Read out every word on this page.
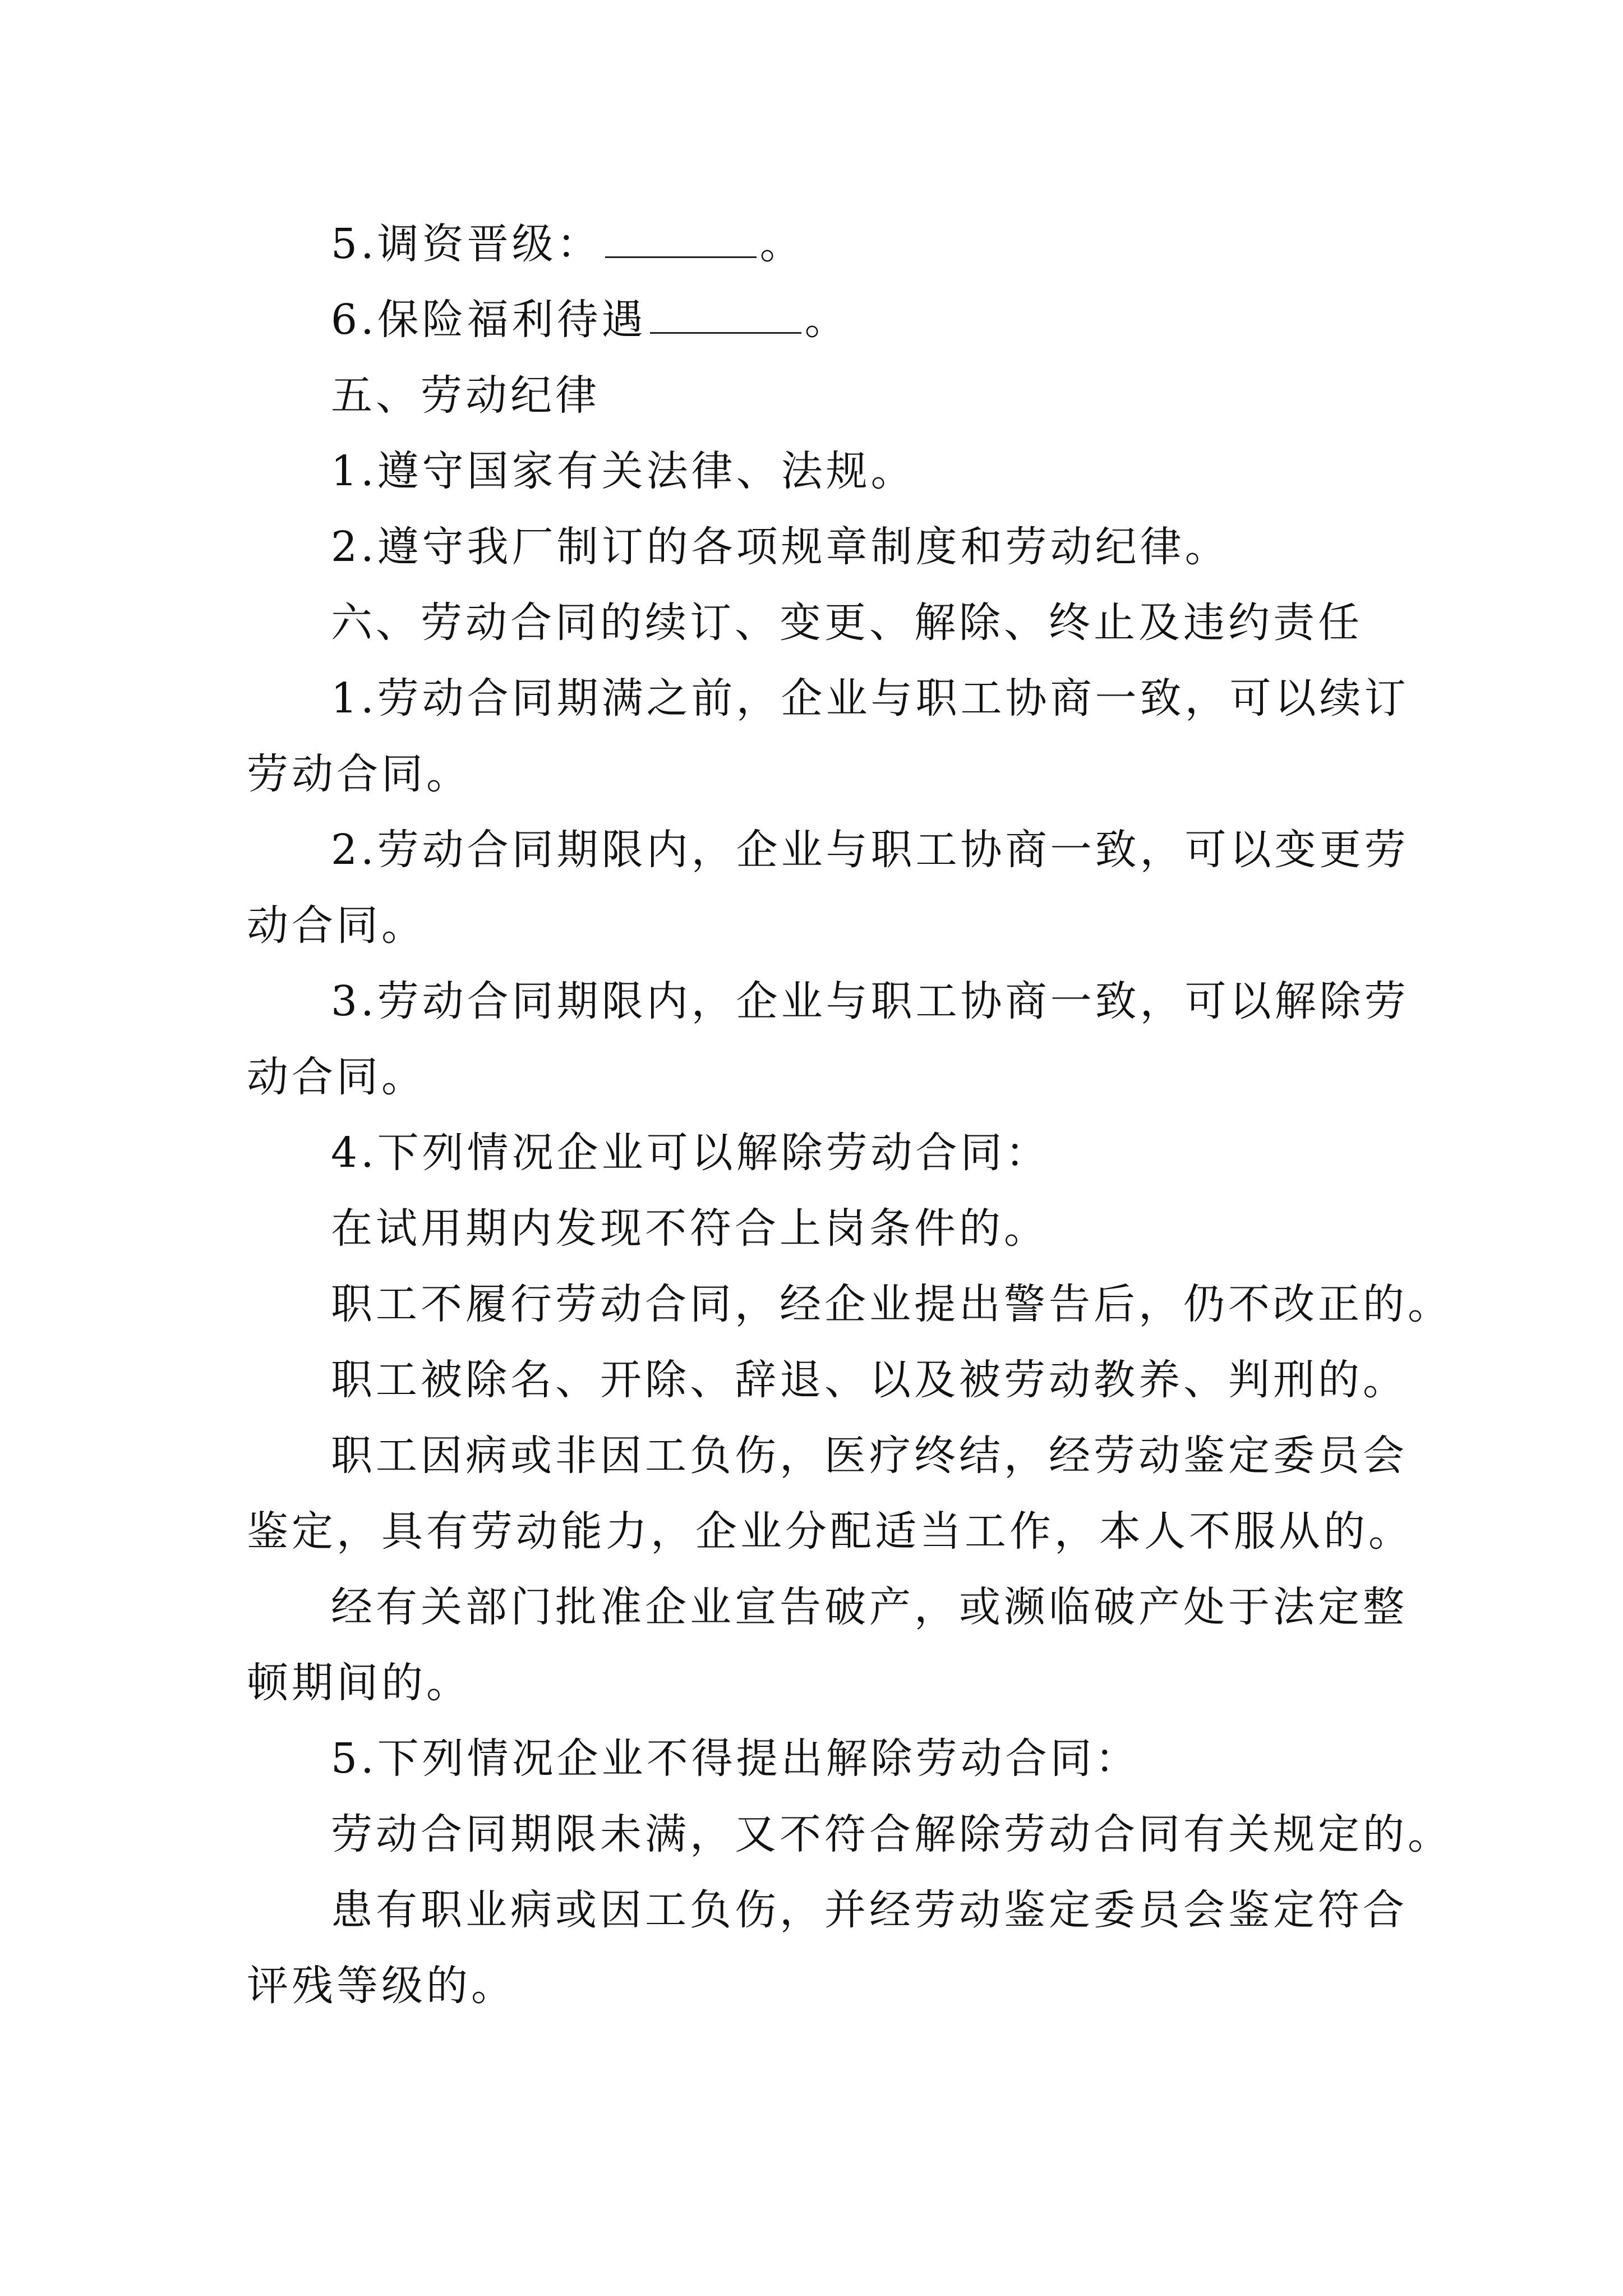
5.调资晋级：	。
6.保险福利待遇	。
五、劳动纪律
1.遵守国家有关法律、法规。
2.遵守我厂制订的各项规章制度和劳动纪律。
六、劳动合同的续订、变更、解除、终止及违约责任
1.劳动合同期满之前，企业与职工协商一致，可以续订
劳动合同。
2.劳动合同期限内，企业与职工协商一致，可以变更劳
动合同。
3.劳动合同期限内，企业与职工协商一致，可以解除劳
动合同。
4.下列情况企业可以解除劳动合同：
在试用期内发现不符合上岗条件的。
职工不履行劳动合同，经企业提出警告后，仍不改正的。
职工被除名、开除、辞退、以及被劳动教养、判刑的。
职工因病或非因工负伤，医疗终结，经劳动鉴定委员会
鉴定，具有劳动能力，企业分配适当工作，本人不服从的。
经有关部门批准企业宣告破产，或濒临破产处于法定整
顿期间的。
5.下列情况企业不得提出解除劳动合同：
劳动合同期限未满，又不符合解除劳动合同有关规定的。
患有职业病或因工负伤，并经劳动鉴定委员会鉴定符合
评残等级的。
